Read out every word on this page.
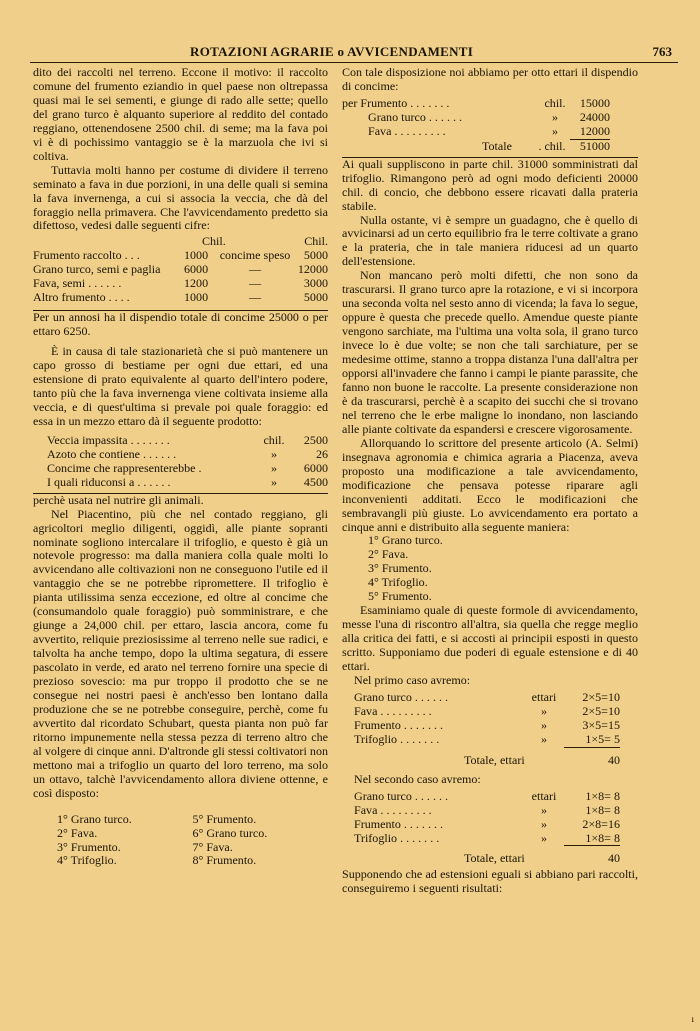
ROTAZIONI AGRARIE o AVVICENDAMENTI	763

dito dei raccolti nel terreno. Eccone il motivo: il raccolto comune del frumento eziandio in quel paese non oltrepassa quasi mai le sei sementi, e giunge di rado alle sette; quello del grano turco è alquanto superiore al reddito del contado reggiano, ottenendosene 2500 chil. di seme; ma la fava poi vi è di pochissimo vantaggio se è la marzuola che ivi si coltiva.

Tuttavia molti hanno per costume di dividere il terreno seminato a fava in due porzioni, in una delle quali si semina la fava invernenga, a cui si associa la veccia, che dà del foraggio nella primavera. Che l'avvicendamento predetto sia difettoso, vedesi dalle seguenti cifre:

Chil.	Chil.
Frumento raccolto . . .	1000 concime speso	5000
Grano turco, semi e paglia	6000	—	12000
Fava, semi . . . . . .	1200	—	3000
Altro frumento . . . .	1000	—	5000

Per un annosi ha il dispendio totale di concime 25000 o per ettaro 6250.

È in causa di tale stazionarietà che si può mantenere un capo grosso di bestiame per ogni due ettari, ed una estensione di prato equivalente al quarto dell'intero podere, tanto più che la fava invernenga viene coltivata insieme alla veccia, e di quest'ultima si prevale poi quale foraggio: ed essa in un mezzo ettaro dà il seguente prodotto:

Veccia impassita . . . . . . .	chil.	2500
Azoto che contiene . . . . . .	»	26
Concime che rappresenterebbe .	»	6000
I quali riduconsi a . . . . . .	»	4500

perchè usata nel nutrire gli animali.

Nel Piacentino, più che nel contado reggiano, gli agricoltori meglio diligenti, oggidì, alle piante sopranti nominate sogliono intercalare il trifoglio, e questo è già un notevole progresso: ma dalla maniera colla quale molti lo avvicendano alle coltivazioni non ne conseguono l'utile ed il vantaggio che se ne potrebbe ripromettere. Il trifoglio è pianta utilissima senza eccezione, ed oltre al concime che (consumandolo quale foraggio) può somministrare, e che giunge a 24,000 chil. per ettaro, lascia ancora, come fu avvertito, reliquie preziosissime al terreno nelle sue radici, e talvolta ha anche tempo, dopo la ultima segatura, di essere pascolato in verde, ed arato nel terreno fornire una specie di prezioso sovescio: ma pur troppo il prodotto che se ne consegue nei nostri paesi è anch'esso ben lontano dalla produzione che se ne potrebbe conseguire, perchè, come fu avvertito dal ricordato Schubart, questa pianta non può far ritorno impunemente nella stessa pezza di terreno altro che al volgere di cinque anni. D'altronde gli stessi coltivatori non mettono mai a trifoglio un quarto del loro terreno, ma solo un ottavo, talchè l'avvicendamento allora diviene ottenne, e così disposto:

1° Grano turco.	5° Frumento.
2° Fava.	6° Grano turco.
3° Frumento.	7° Fava.
4° Trifoglio.	8° Frumento.

Con tale disposizione noi abbiamo per otto ettari il dispendio di concime:

per Frumento . . . . . . .	chil.	15000
Grano turco . . . . . .	»	24000
Fava . . . . . . . . .	»	12000
Totale	. chil.	51000

Ai quali suppliscono in parte chil. 31000 somministrati dal trifoglio. Rimangono però ad ogni modo deficienti 20000 chil. di concio, che debbono essere ricavati dalla prateria stabile.

Nulla ostante, vi è sempre un guadagno, che è quello di avvicinarsi ad un certo equilibrio fra le terre coltivate a grano e la prateria, che in tale maniera riducesi ad un quarto dell'estensione.

Non mancano però molti difetti, che non sono da trascurarsi. Il grano turco apre la rotazione, e vi si incorpora una seconda volta nel sesto anno di vicenda; la fava lo segue, oppure è questa che precede quello. Amendue queste piante vengono sarchiate, ma l'ultima una volta sola, il grano turco invece lo è due volte; se non che tali sarchiature, per se medesime ottime, stanno a troppa distanza l'una dall'altra per opporsi all'invadere che fanno i campi le piante parassite, che fanno non buone le raccolte. La presente considerazione non è da trascurarsi, perchè è a scapito dei succhi che si trovano nel terreno che le erbe maligne lo inondano, non lasciando alle piante coltivate da espandersi e crescere vigorosamente.

Allorquando lo scrittore del presente articolo (A. Selmi) insegnava agronomia e chimica agraria a Piacenza, aveva proposto una modificazione a tale avvicendamento, modificazione che pensava potesse riparare agli inconvenienti additati. Ecco le modificazioni che sembravangli più giuste. Lo avvicendamento era portato a cinque anni e distribuito alla seguente maniera:

1° Grano turco.
2° Fava.
3° Frumento.
4° Trifoglio.
5° Frumento.

Esaminiamo quale di queste formole di avvicendamento, messe l'una di riscontro all'altra, sia quella che regge meglio alla critica dei fatti, e si accosti ai principii esposti in questo scritto. Supponiamo due poderi di eguale estensione e di 40 ettari.

Nel primo caso avremo:
Grano turco . . . . . .	ettari	2×5=10
Fava . . . . . . . . .	»	2×5=10
Frumento . . . . . . .	»	3×5=15
Trifoglio . . . . . . .	»	1×5= 5
Totale, ettari	40
Nel secondo caso avremo:
Grano turco . . . . . .	ettari	1×8= 8
Fava . . . . . . . . .	»	1×8= 8
Frumento . . . . . . .	»	2×8=16
Trifoglio . . . . . . .	»	1×8= 8
Totale, ettari	40

Supponendo che ad estensioni eguali si abbiano pari raccolti, conseguiremo i seguenti risultati:

ı
